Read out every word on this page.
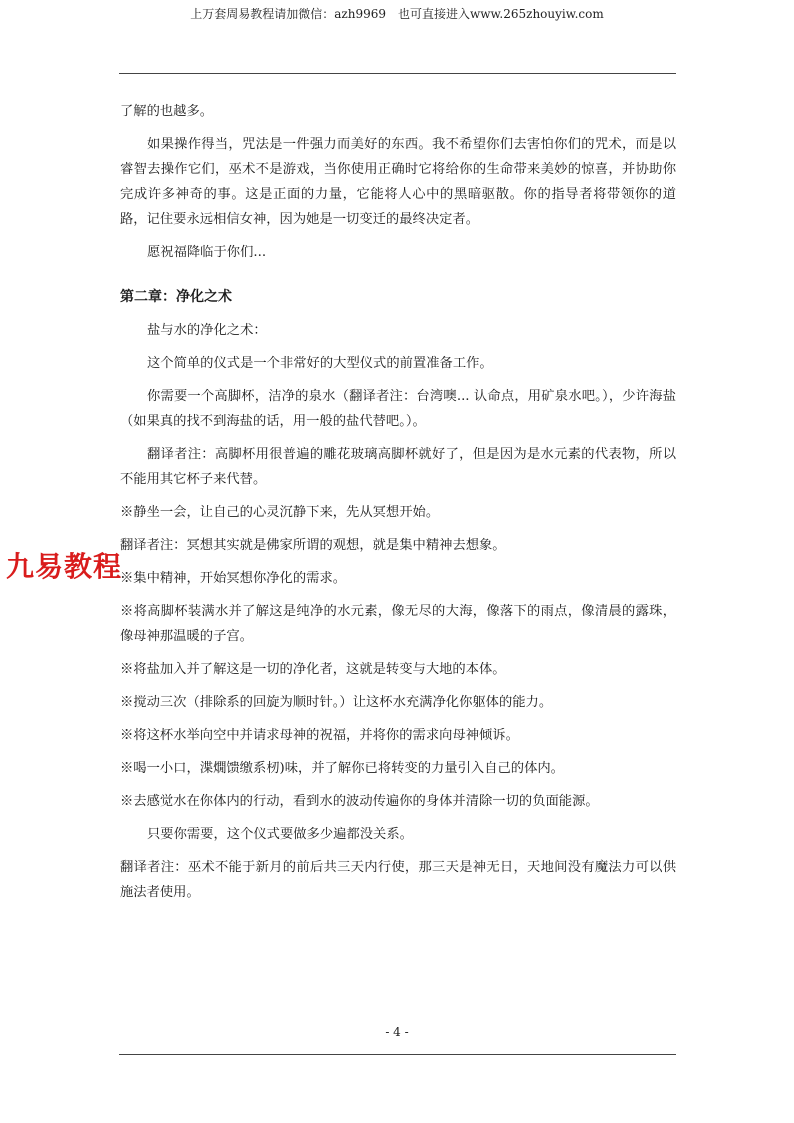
上万套周易教程请加微信：azh9969　也可直接进入www.265zhouyiw.com

了解的也越多。

如果操作得当，咒法是一件强力而美好的东西。我不希望你们去害怕你们的咒术，而是以睿智去操作它们，巫术不是游戏，当你使用正确时它将给你的生命带来美妙的惊喜，并协助你完成许多神奇的事。这是正面的力量，它能将人心中的黑暗驱散。你的指导者将带领你的道路，记住要永远相信女神，因为她是一切变迁的最终决定者。

愿祝福降临于你们...

第二章：净化之术

盐与水的净化之术：

这个简单的仪式是一个非常好的大型仪式的前置准备工作。

你需要一个高脚杯，洁净的泉水（翻译者注：台湾噢... 认命点，用矿泉水吧。），少许海盐（如果真的找不到海盐的话，用一般的盐代替吧。）。

翻译者注：高脚杯用很普遍的雕花玻璃高脚杯就好了，但是因为是水元素的代表物，所以不能用其它杯子来代替。

※静坐一会，让自己的心灵沉静下来，先从冥想开始。

翻译者注：冥想其实就是佛家所谓的观想，就是集中精神去想象。

※集中精神，开始冥想你净化的需求。

※将高脚杯装满水并了解这是纯净的水元素，像无尽的大海，像落下的雨点，像清晨的露珠，像母神那温暖的子宫。

※将盐加入并了解这是一切的净化者，这就是转变与大地的本体。

※搅动三次（排除系的回旋为顺时针。）让这杯水充满净化你躯体的能力。

※将这杯水举向空中并请求母神的祝福，并将你的需求向母神倾诉。

※喝一小口，渫燗馈缴系杒)味，并了解你已将转变的力量引入自己的体内。

※去感觉水在你体内的行动，看到水的波动传遍你的身体并清除一切的负面能源。

只要你需要，这个仪式要做多少遍都没关系。

翻译者注：巫术不能于新月的前后共三天内行使，那三天是神无日，天地间没有魔法力可以供施法者使用。

九易教程
- 4 -
